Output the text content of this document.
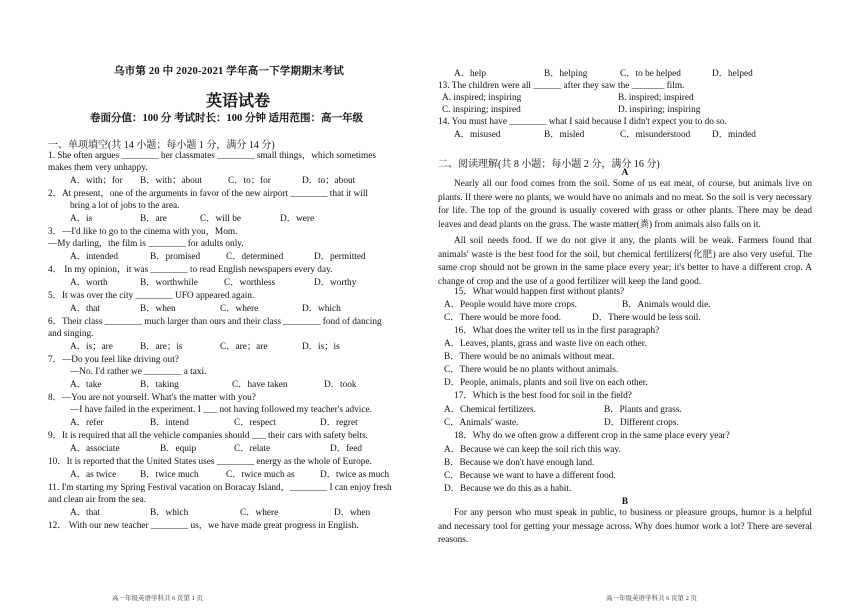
乌市第 20 中 2020-2021 学年高一下学期期末考试
英语试卷
卷面分值：100 分 考试时长：100 分钟 适用范围：高一年级
一、单项填空(共 14 小题；每小题 1 分，满分 14 分)
1. She often argues ________ her classmates ________ small things，which sometimes
makes them very unhappy.
A．with；for B．with；about	C．to；for	D．to；about
2．At present，one of the arguments in favor of the new airport ________ that it will
bring a lot of jobs to the area.
A．is	B．are	C．will be	D．were
3．—I'd like to go to the cinema with you，Mom.
—My darling，the film is ________ for adults only.
A．intended	B．promised	C．determined	D．permitted
4． In my opinion，it was ________ to read English newspapers every day.
A．worth	B．worthwhile	C．worthless	D．worthy
5．It was over the city ________ UFO appeared again.
A．that	B．when	C．where	D．which
6．Their class ________ much larger than ours and their class ________ fond of dancing
and singing.
A．is；are	B．are；is	C．are；are	D．is；is
7．—Do you feel like driving out?
—No. I'd rather we ________ a taxi.
A．take	B．taking	C．have taken	D．took
8．—You are not yourself. What's the matter with you?
—I have failed in the experiment. I ___ not having followed my teacher's advice.
A．refer	B．intend	C．respect	D．regret
9．It is required that all the vehicle companies should ___ their cars with safety belts.
A．associate	B．equip	C．relate	D．feed
10．It is reported that the United States uses ________ energy as the whole of Europe.
A．as twice	B．twice much	C．twice much as	D．twice as much
11. I'm starting my Spring Festival vacation on Boracay Island，________ I can enjoy fresh
and clean air from the sea.
A．that	B．which	C．where	D．when
12． With our new teacher ________ us，we have made great progress in English.
高一年级英语学科共 6 页第 1 页
A．help	B．helping	C．to be helped	D．helped
13. The children were all ______ after they saw the _______ film.
A. inspired; inspiring	B. inspired; inspired
C. inspiring; inspired	D. inspiring; inspiring
14. You must have ________ what I said because I didn't expect you to do so.
A．misused	B．misled	C．misunderstood D．minded
二、阅读理解(共 8 小题；每小题 2 分，满分 16 分)
A
Nearly all our food comes from the soil. Some of us eat meat, of course, but animals live on plants. If there were no plants, we would have no animals and no meat. So the soil is very necessary for life. The top of the ground is usually covered with grass or other plants. There may be dead leaves and dead plants on the grass. The waste matter(粪) from animals also falls on it.
All soil needs food. If we do not give it any, the plants will be weak. Farmers found that animals' waste is the best food for the soil, but chemical fertilizers(化肥) are also very useful. The same crop should not be grown in the same place every year; it's better to have a different crop. A change of crop and the use of a good fertilizer will keep the land good.
15．What would happen first without plants?
A．People would have more crops.	B．Animals would die.
C．There would be more food.	D．There would be less soil.
16．What does the writer tell us in the first paragraph?
A．Leaves, plants, grass and waste live on each other.
B．There would be no animals without meat.
C．There would be no plants without animals.
D．People, animals, plants and soil live on each other.
17．Which is the best food for soil in the field?
A．Chemical fertilizers.	B．Plants and grass.
C．Animals' waste.	D．Different crops.
18．Why do we often grow a different crop in the same place every year?
A．Because we can keep the soil rich this way.
B．Because we don't have enough land.
C．Because we want to have a different food.
D．Because we do this as a habit.
B
For any person who must speak in public, to business or pleasure groups, humor is a helpful and necessary tool for getting your message across. Why does humor work a lot? There are several reasons.
高一年级英语学科共 6 页第 2 页
